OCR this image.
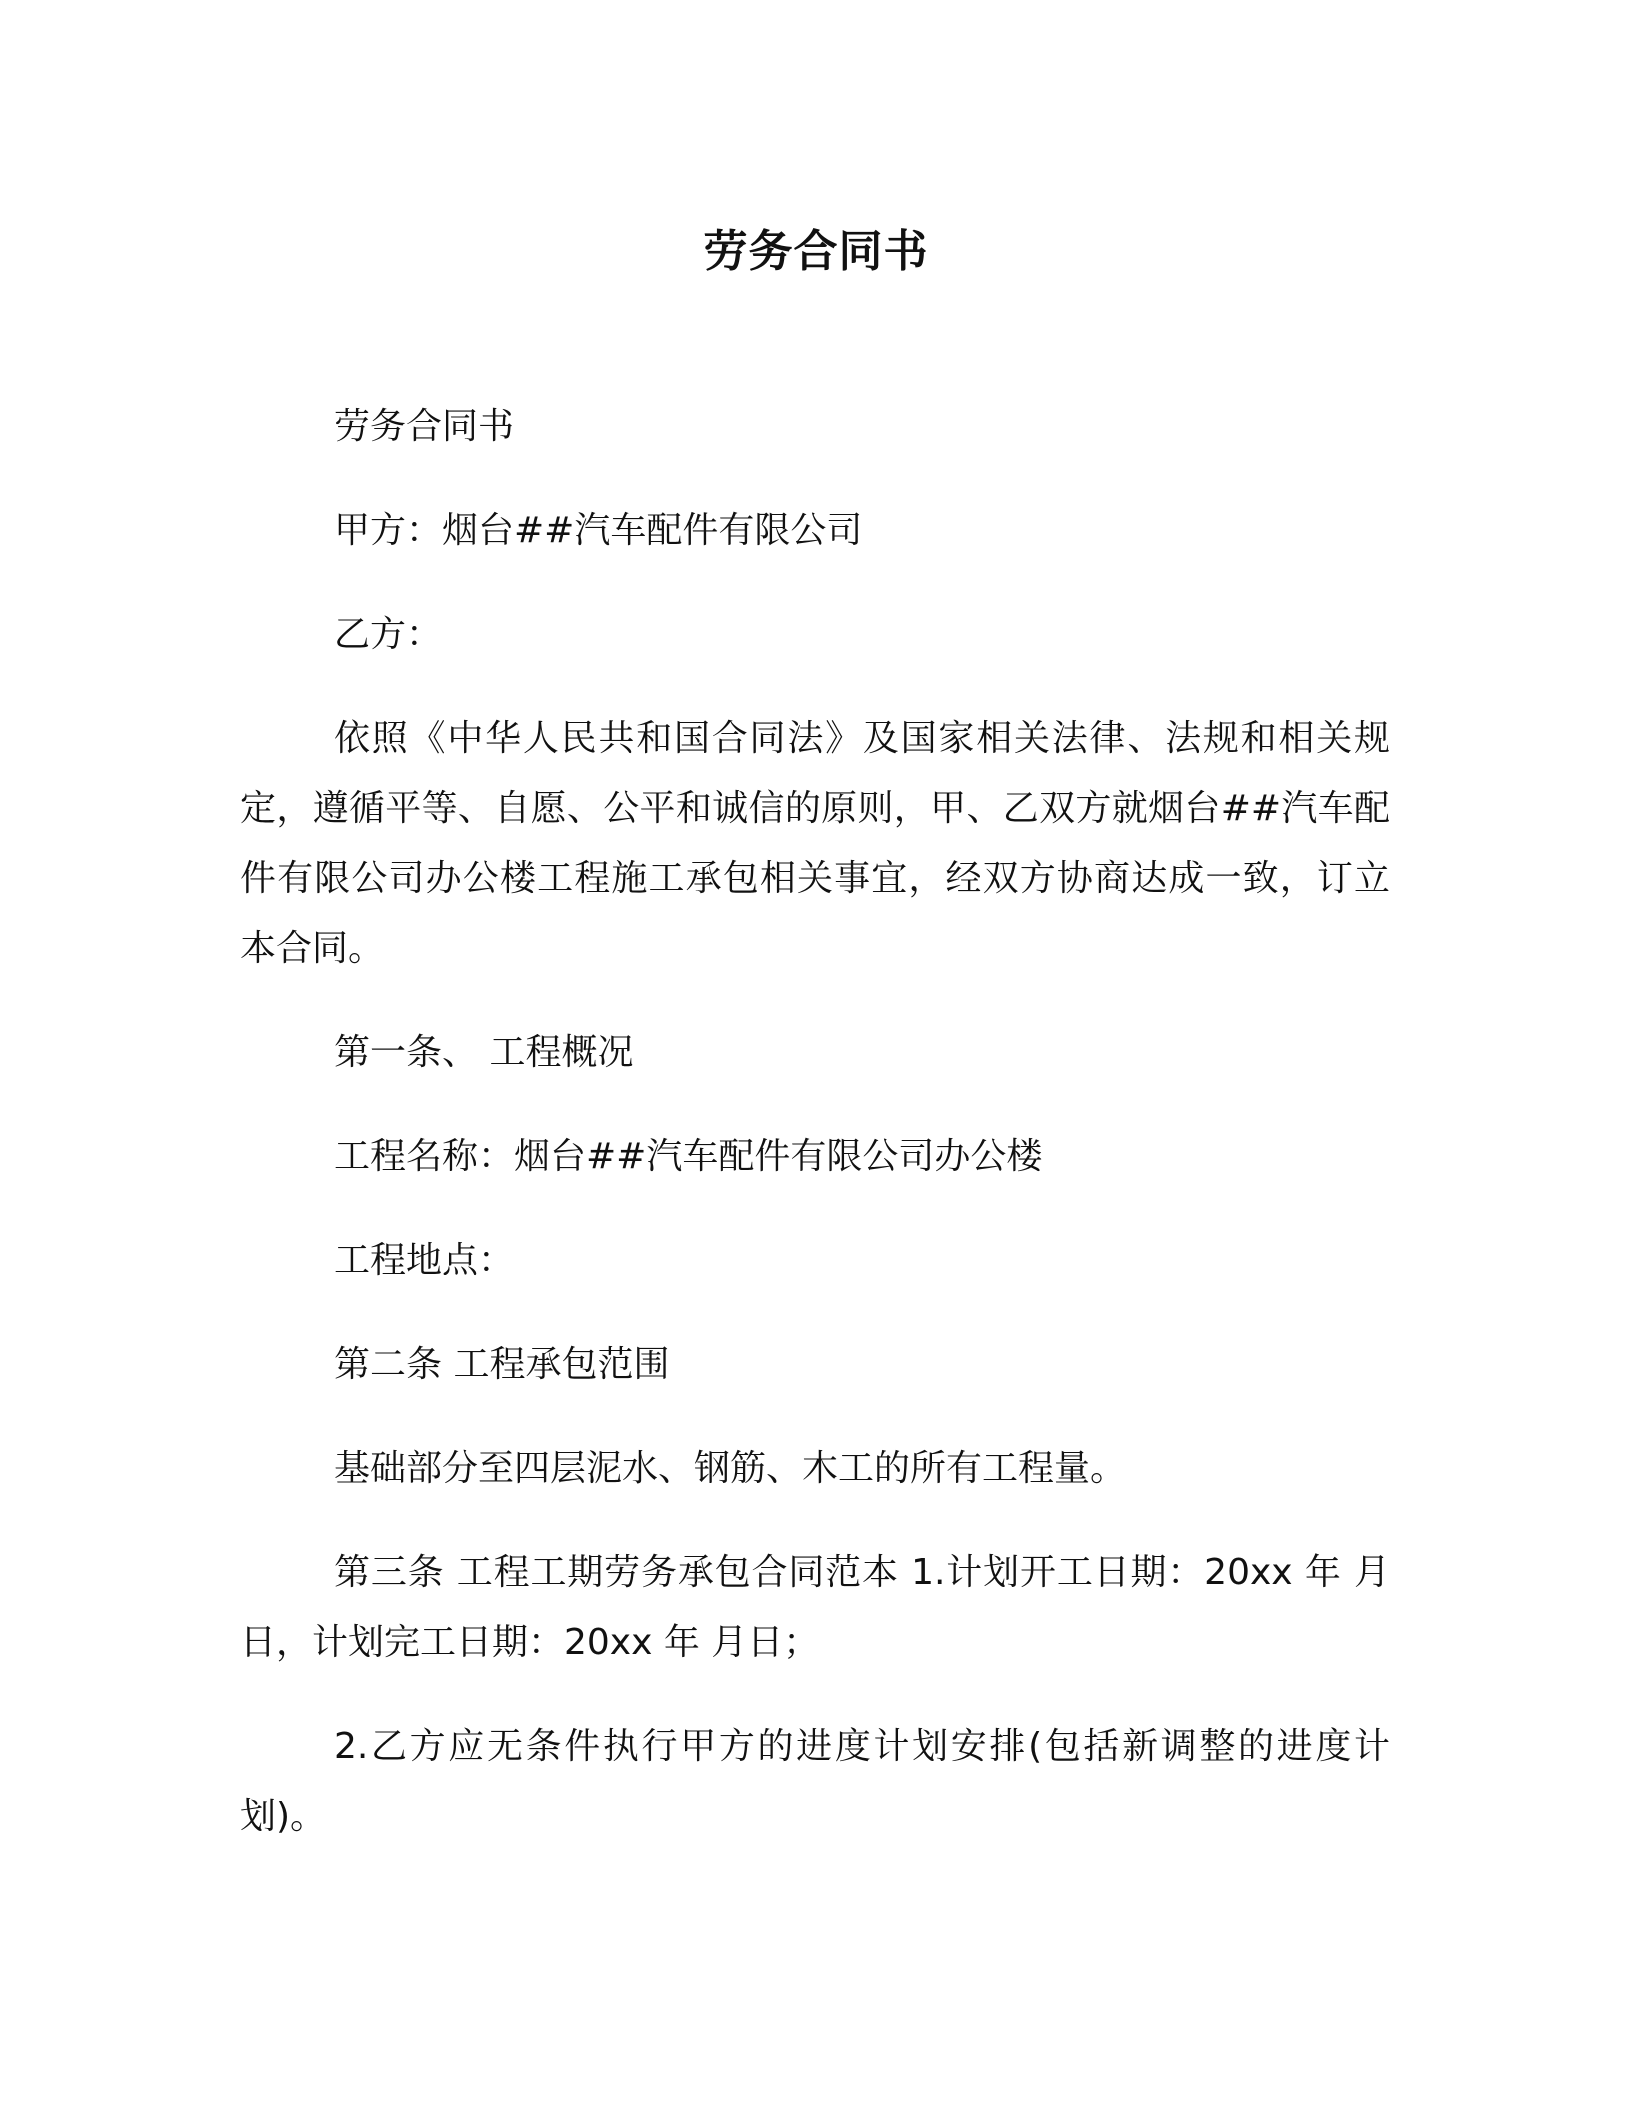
劳务合同书

劳务合同书

甲方：烟台##汽车配件有限公司

乙方：

依照《中华人民共和国合同法》及国家相关法律、法规和相关规定，遵循平等、自愿、公平和诚信的原则，甲、乙双方就烟台##汽车配件有限公司办公楼工程施工承包相关事宜，经双方协商达成一致，订立本合同。

第一条、 工程概况

工程名称：烟台##汽车配件有限公司办公楼

工程地点：

第二条 工程承包范围

基础部分至四层泥水、钢筋、木工的所有工程量。

第三条 工程工期劳务承包合同范本 1.计划开工日期：20xx 年 月 日，计划完工日期：20xx 年 月日；

2.乙方应无条件执行甲方的进度计划安排(包括新调整的进度计划)。
